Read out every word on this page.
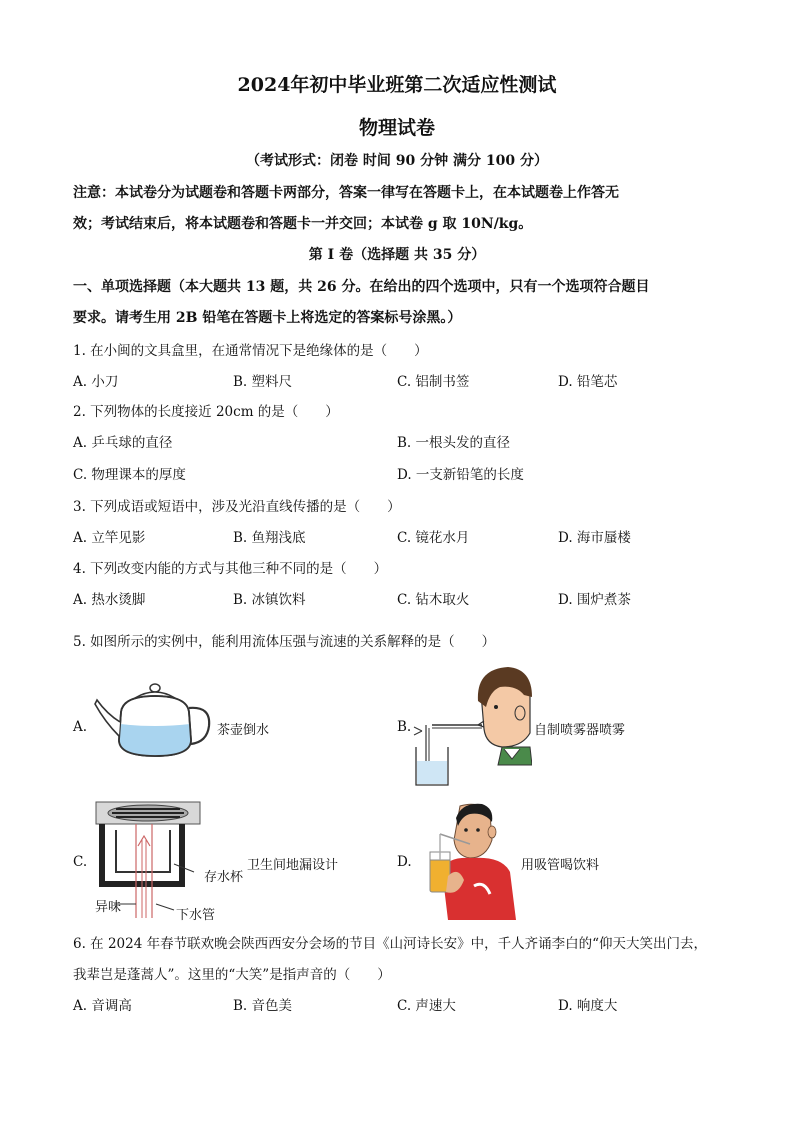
2024年初中毕业班第二次适应性测试
物理试卷
（考试形式：闭卷 时间 90 分钟 满分 100 分）
注意：本试卷分为试题卷和答题卡两部分，答案一律写在答题卡上，在本试题卷上作答无
效；考试结束后，将本试题卷和答题卡一并交回；本试卷 g 取 10N/kg。
第 I 卷（选择题 共 35 分）
一、单项选择题（本大题共 13 题，共 26 分。在给出的四个选项中，只有一个选项符合题目
要求。请考生用 2B 铅笔在答题卡上将选定的答案标号涂黑。）
1. 在小闽的文具盒里，在通常情况下是绝缘体的是（　　）
A. 小刀	B. 塑料尺	C. 铝制书签	D. 铅笔芯
2. 下列物体的长度接近 20cm 的是（　　）
A. 乒乓球的直径	B. 一根头发的直径
C. 物理课本的厚度	D. 一支新铅笔的长度
3. 下列成语或短语中，涉及光沿直线传播的是（　　）
A. 立竿见影	B. 鱼翔浅底	C. 镜花水月	D. 海市蜃楼
4. 下列改变内能的方式与其他三种不同的是（　　）
A. 热水烫脚	B. 冰镇饮料	C. 钻木取火	D. 围炉煮茶
5. 如图所示的实例中，能利用流体压强与流速的关系解释的是（　　）
A.	茶壶倒水	B.	自制喷雾器喷雾
C.
存水杯
异味
下水管
卫生间地漏设计	D.	用吸管喝饮料
6. 在 2024 年春节联欢晚会陕西西安分会场的节目《山河诗长安》中，千人齐诵李白的“仰天大笑出门去，
我辈岂是蓬蒿人”。这里的“大笑”是指声音的（　　）
A. 音调高	B. 音色美	C. 声速大	D. 响度大
